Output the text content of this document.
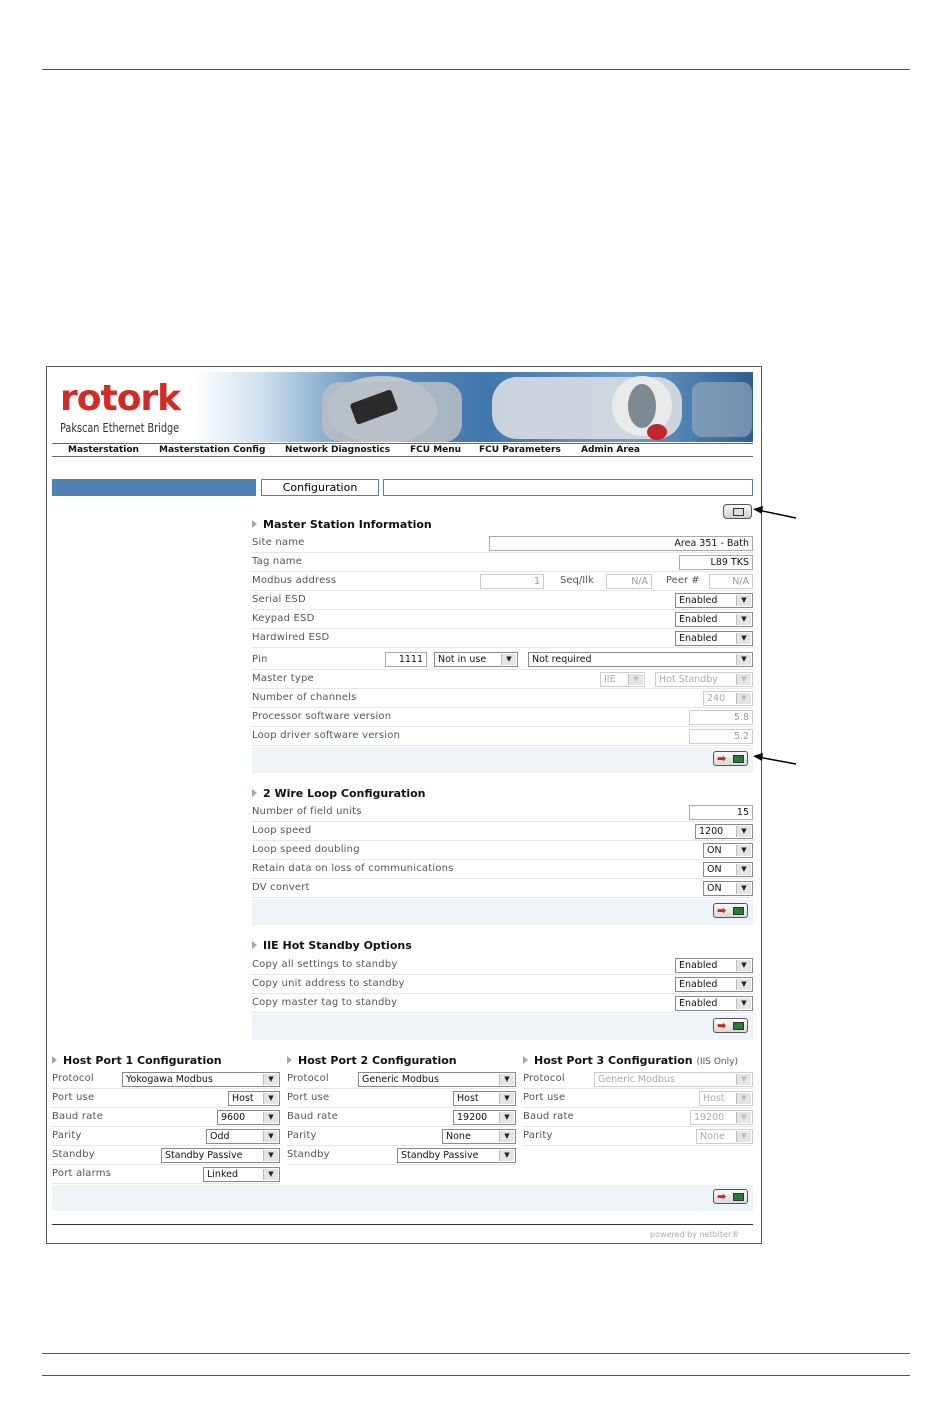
rotork
Pakscan Ethernet Bridge
Masterstation Masterstation Config Network Diagnostics FCU Menu FCU Parameters Admin Area
Configuration
Master Station Information
Site name	Area 351 - Bath
Tag name	L89 TKS
Modbus address	1	Seq/Ilk	N/A	Peer #	N/A
Serial ESD	Enabled	▼
Keypad ESD	Enabled	▼
Hardwired ESD	Enabled	▼
Pin	1111	Not in use	▼	Not required	▼
Master type	IIE	▼	Hot Standby	▼
Number of channels	240	▼
Processor software version	5.8
Loop driver software version	5.2
➡
2 Wire Loop Configuration
Number of field units	15
Loop speed	1200	▼
Loop speed doubling	ON	▼
Retain data on loss of communications	ON	▼
DV convert	ON	▼
➡
IIE Hot Standby Options
Copy all settings to standby	Enabled	▼
Copy unit address to standby	Enabled	▼
Copy master tag to standby	Enabled	▼
➡
Host Port 1 Configuration
Protocol	Yokogawa Modbus	▼
Port use	Host	▼
Baud rate	9600	▼
Parity	Odd	▼
Standby	Standby Passive	▼
Port alarms	Linked	▼
Host Port 2 Configuration
Protocol	Generic Modbus	▼
Port use	Host	▼
Baud rate	19200	▼
Parity	None	▼
Standby	Standby Passive	▼
Host Port 3 Configuration (IIS Only)
Protocol	Generic Modbus	▼
Port use	Host	▼
Baud rate	19200	▼
Parity	None	▼
➡
powered by netbiter®
